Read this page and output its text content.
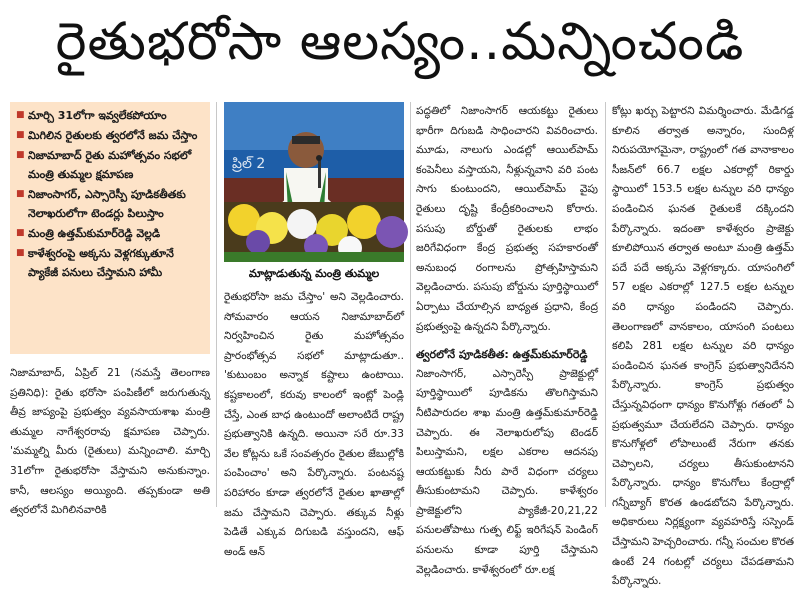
రైతుభరోసా ఆలస్యం..మన్నించండి
■ మార్చి 31లోగా ఇవ్వలేకపోయాం
■ మిగిలిన రైతులకు త్వరలోనే జమ చేస్తాం
■ నిజామాబాద్ రైతు మహోత్సవం సభలో మంత్రి తుమ్మల క్షమాపణ
■ నిజాంసాగర్, ఎస్సారెస్పీ పూడికతీతకు నెలాఖరులోగా టెండర్లు పిలుస్తాం
■ మంత్రి ఉత్తమ్‌కుమార్‌రెడ్డి వెల్లడి
■ కాళేశ్వరంపై అక్కసు వెళ్లగక్కుతూనే ప్యాకేజీ పనులు చేస్తామని హామీ
నిజామాబాద్, ఏప్రిల్ 21 (నమస్తే తెలంగాణ ప్రతినిధి): రైతు భరోసా పంపిణీలో జరుగుతున్న తీవ్ర జాప్యంపై ప్రభుత్వం వ్యవసాయశాఖ మంత్రి తుమ్మల నాగేశ్వరరావు క్షమాపణ చెప్పారు. 'మమ్మల్ని మీరు (రైతులు) మన్నించాలి. మార్చి 31లోగా రైతుభరోసా వేస్తామని అనుకున్నాం. కానీ, ఆలస్యం అయ్యింది. తప్పకుండా అతి త్వరలోనే మిగిలినవారికి
ప్రిల్ 2
మాట్లాడుతున్న మంత్రి తుమ్మల
రైతుభరోసా జమ చేస్తాం' అని వెల్లడించారు. సోమవారం ఆయన నిజామాబాద్‌లో నిర్వహించిన రైతు మహోత్సవం ప్రారంభోత్సవ సభలో మాట్లాడుతూ.. 'కుటుంబం అన్నాక కష్టాలు ఉంటాయి. కష్టకాలంలో, కరువు కాలంలో ఇంట్లో పెండ్లి చేస్తే, ఎంత బాధ ఉంటుందో అలాంటిదే రాష్ట్ర ప్రభుత్వానికి ఉన్నది. అయినా సరే రూ.33 వేల కోట్లను ఒకే సంవత్సరం రైతుల జేబుల్లోకి పంపించాం' అని పేర్కొన్నారు. పంటనష్ట పరిహారం కూడా త్వరలోనే రైతుల ఖాతాల్లో జమ చేస్తామని చెప్పారు. తక్కువ నీళ్లు పెడితే ఎక్కువ దిగుబడి వస్తుందని, ఆఫ్ అండ్ ఆన్
పద్ధతిలో నిజాంసాగర్ ఆయకట్టు రైతులు భారీగా దిగుబడి సాధించారని వివరించారు. మూడు, నాలుగు ఎండల్లో ఆయిల్‌పామ్ కంపెనీలు వస్తాయని, నీళ్లున్నవాని వరి పంట సాగు కుంటుందని, ఆయిల్‌పామ్ వైపు రైతులు దృష్టి కేంద్రీకరించాలని కోరారు. పసుపు బోర్డుతో రైతులకు లాభం జరిగేవిధంగా కేంద్ర ప్రభుత్వ సహకారంతో అనుబంధ రంగాలను ప్రోత్సహిస్తామని వెల్లడించారు. పసుపు బోర్డును పూర్తిస్థాయిలో ఏర్పాటు చేయాల్సిన బాధ్యత ప్రధాని, కేంద్ర ప్రభుత్వంపై ఉన్నదని పేర్కొన్నారు.
త్వరలోనే పూడికతీత: ఉత్తమ్‌కుమార్‌రెడ్డి
నిజాంసాగర్, ఎస్సారెస్పీ ప్రాజెక్టుల్లో పూర్తిస్థాయిలో పూడికను తొలగిస్తామని నీటిపారుదల శాఖ మంత్రి ఉత్తమ్‌కుమార్‌రెడ్డి చెప్పారు. ఈ నెలాఖరులోపు టెండర్ పిలుస్తామని, లక్షల ఎకరాల ఆదనపు ఆయకట్టుకు నీరు పారే విధంగా చర్యలు తీసుకుంటామని చెప్పారు. కాళేశ్వరం ప్రాజెక్టులోని ప్యాకేజీ-20,21,22 పనులతోపాటు గుత్ప లిఫ్ట్ ఇరిగేషన్ పెండింగ్ పనులను కూడా పూర్తి చేస్తామని వెల్లడించారు. కాళేశ్వరంలో రూ.లక్ష
కోట్లు ఖర్చు పెట్టారని విమర్శించారు. మేడిగడ్డ కూలిన తర్వాత అన్నారం, సుందిళ్ల నిరుపయోగమైనా, రాష్ట్రంలో గత వానాకాలం సీజన్‌లో 66.7 లక్షల ఎకరాల్లో రికార్డు స్థాయిలో 153.5 లక్షల టన్నుల వరి ధాన్యం పండించిన ఘనత రైతులకే దక్కిందని పేర్కొన్నారు. ఇదంతా కాళేశ్వరం ప్రాజెక్టు కూలిపోయిన తర్వాత అంటూ మంత్రి ఉత్తమ్ పదే పదే అక్కసు వెళ్లగక్కారు. యాసంగిలో 57 లక్షల ఎకరాల్లో 127.5 లక్షల టన్నుల వరి ధాన్యం పండిందని చెప్పారు. తెలంగాణలో వానకాలం, యాసంగి పంటలు కలిపి 281 లక్షల టన్నుల వరి ధాన్యం పండించిన ఘనత కాంగ్రెస్ ప్రభుత్వానిదేనని పేర్కొన్నారు. కాంగ్రెస్ ప్రభుత్వం చేస్తున్నవిధంగా ధాన్యం కొనుగోళ్లు గతంలో ఏ ప్రభుత్వమూ చేయలేదని చెప్పారు. ధాన్యం కొనుగోళ్లలో లోపాలుంటే నేరుగా తనకు చెప్పాలని, చర్యలు తీసుకుంటానని పేర్కొన్నారు. ధాన్యం కొనుగోలు కేంద్రాల్లో గన్నీబ్యాగ్ కొరత ఉండబోదని పేర్కొన్నారు. అధికారులు నిర్లక్ష్యంగా వ్యవహరిస్తే సస్పెండ్ చేస్తామని హెచ్చరించారు. గన్నీ సంచుల కొరత ఉంటే 24 గంటల్లో చర్యలు చేపడతామని పేర్కొన్నారు.
